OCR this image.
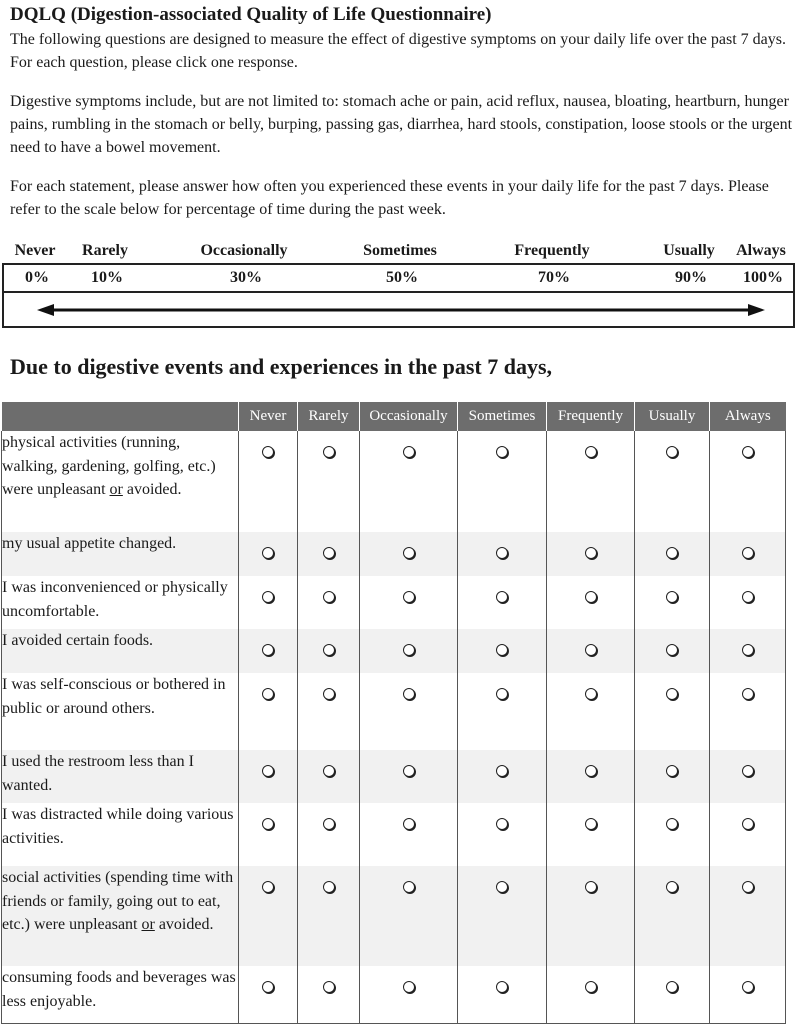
DQLQ (Digestion-associated Quality of Life Questionnaire)

The following questions are designed to measure the effect of digestive symptoms on your daily life over the past 7 days. For each question, please click one response.

Digestive symptoms include, but are not limited to: stomach ache or pain, acid reflux, nausea, bloating, heartburn, hunger pains, rumbling in the stomach or belly, burping, passing gas, diarrhea, hard stools, constipation, loose stools or the urgent need to have a bowel movement.

For each statement, please answer how often you experienced these events in your daily life for the past 7 days. Please refer to the scale below for percentage of time during the past week.

Never Rarely	Occasionally	Sometimes	Frequently	Usually Always
0%	10%	30%	50%	70%	90% 100%
Due to digestive events and experiences in the past 7 days,
	Never	Rarely	Occasionally	Sometimes	Frequently	Usually	Always
physical activities (running, walking, gardening, golfing, etc.) were unpleasant or avoided.							
my usual appetite changed.							
I was inconvenienced or physically uncomfortable.							
I avoided certain foods.							
I was self-conscious or bothered in public or around others.							
I used the restroom less than I wanted.							
I was distracted while doing various activities.							
social activities (spending time with friends or family, going out to eat, etc.) were unpleasant or avoided.							
consuming foods and beverages was less enjoyable.							
